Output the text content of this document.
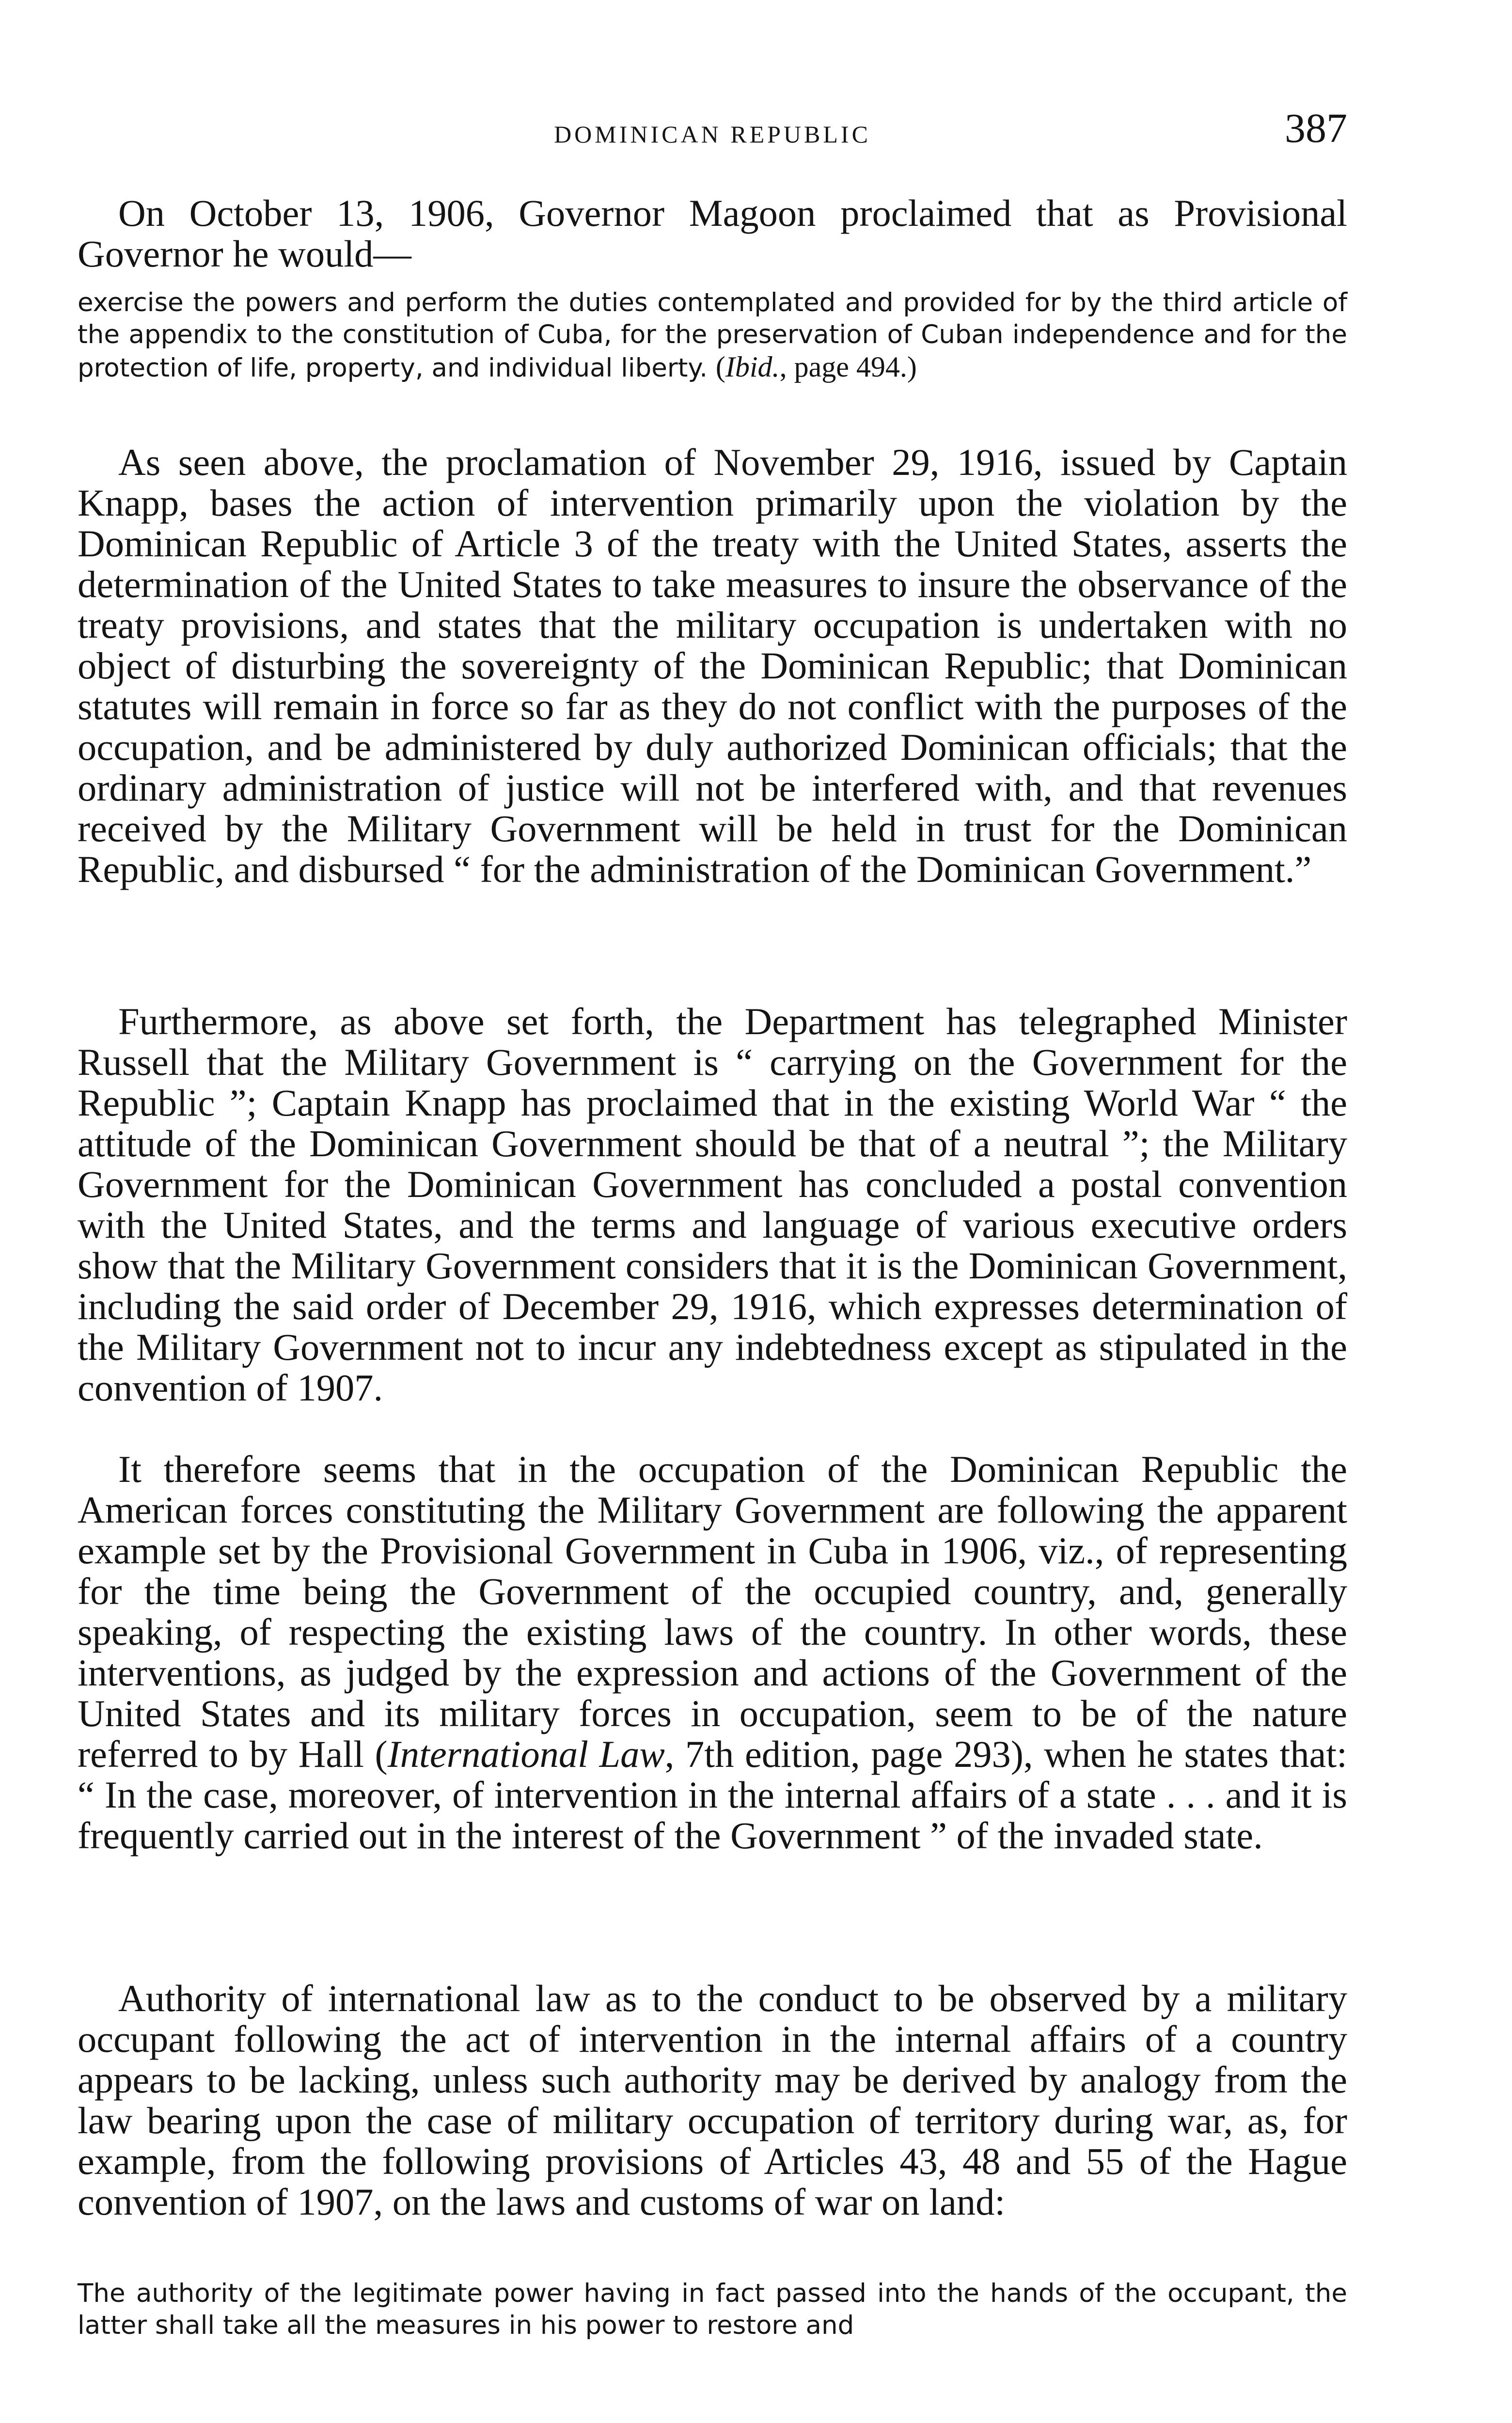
DOMINICAN REPUBLIC	387

On October 13, 1906, Governor Magoon proclaimed that as Provisional Governor he would—

exercise the powers and perform the duties contemplated and provided for by the third article of the appendix to the constitution of Cuba, for the preservation of Cuban independence and for the protection of life, property, and individual liberty. (Ibid., page 494.)

As seen above, the proclamation of November 29, 1916, issued by Captain Knapp, bases the action of intervention primarily upon the violation by the Dominican Republic of Article 3 of the treaty with the United States, asserts the determination of the United States to take measures to insure the observance of the treaty provisions, and states that the military occupation is undertaken with no object of disturbing the sovereignty of the Dominican Republic; that Dominican statutes will remain in force so far as they do not conflict with the purposes of the occupation, and be administered by duly authorized Dominican officials; that the ordinary administration of justice will not be interfered with, and that revenues received by the Military Government will be held in trust for the Dominican Republic, and disbursed “ for the administration of the Dominican Government.”

Furthermore, as above set forth, the Department has telegraphed Minister Russell that the Military Government is “ carrying on the Government for the Republic ”; Captain Knapp has proclaimed that in the existing World War “ the attitude of the Dominican Government should be that of a neutral ”; the Military Government for the Dominican Government has concluded a postal convention with the United States, and the terms and language of various executive orders show that the Military Government considers that it is the Dominican Government, including the said order of December 29, 1916, which expresses determination of the Military Government not to incur any indebtedness except as stipulated in the convention of 1907.

It therefore seems that in the occupation of the Dominican Republic the American forces constituting the Military Government are following the apparent example set by the Provisional Government in Cuba in 1906, viz., of representing for the time being the Government of the occupied country, and, generally speaking, of respecting the existing laws of the country. In other words, these interventions, as judged by the expression and actions of the Government of the United States and its military forces in occupation, seem to be of the nature referred to by Hall (International Law, 7th edition, page 293), when he states that: “ In the case, moreover, of intervention in the internal affairs of a state . . . and it is frequently carried out in the interest of the Government ” of the invaded state.

Authority of international law as to the conduct to be observed by a military occupant following the act of intervention in the internal affairs of a country appears to be lacking, unless such authority may be derived by analogy from the law bearing upon the case of military occupation of territory during war, as, for example, from the following provisions of Articles 43, 48 and 55 of the Hague convention of 1907, on the laws and customs of war on land:

The authority of the legitimate power having in fact passed into the hands of the occupant, the latter shall take all the measures in his power to restore and
